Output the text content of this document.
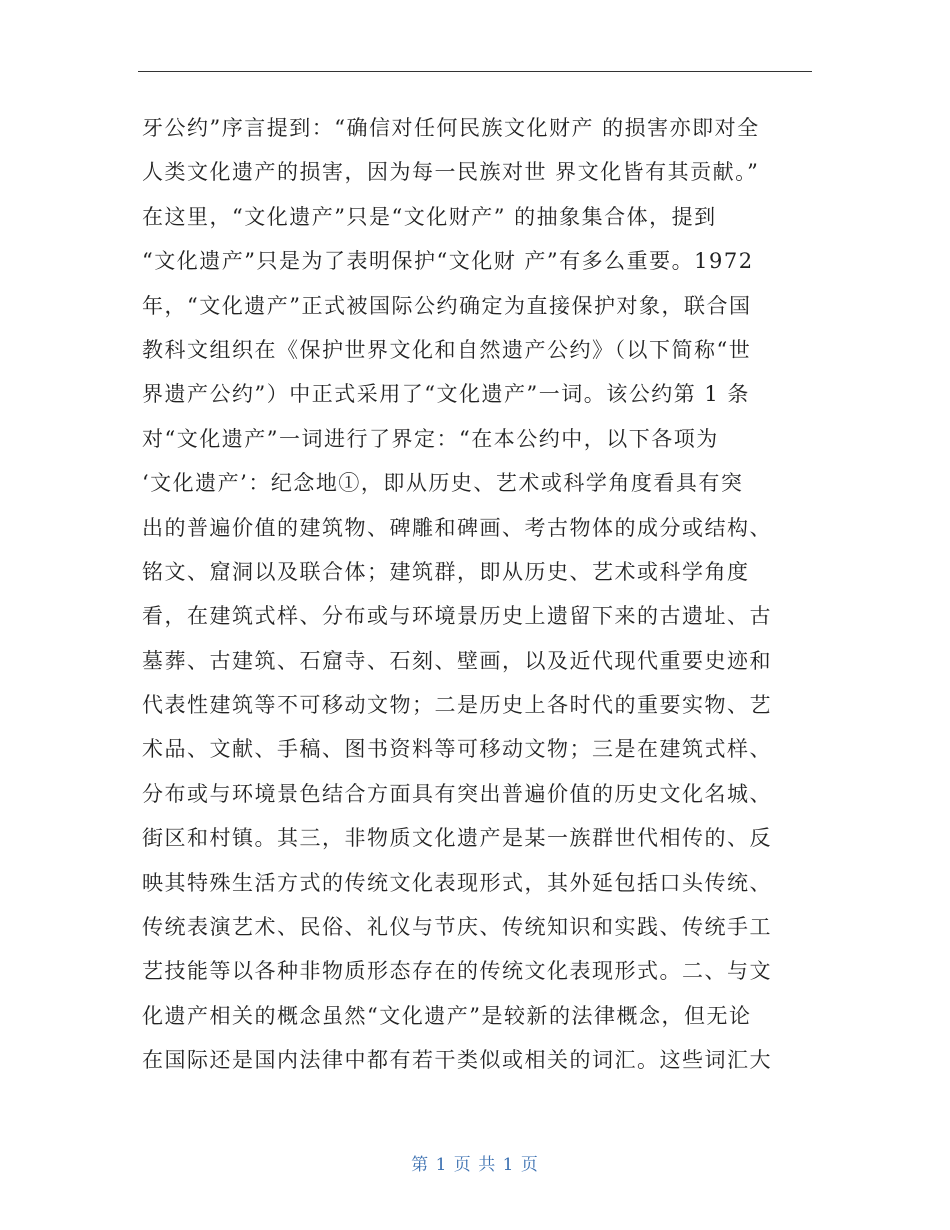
牙公约”序言提到：“确信对任何民族文化财产 的损害亦即对全
人类文化遗产的损害，因为每一民族对世 界文化皆有其贡献。”
在这里，“文化遗产”只是“文化财产” 的抽象集合体，提到
“文化遗产”只是为了表明保护“文化财 产”有多么重要。1972
年，“文化遗产”正式被国际公约确定为直接保护对象，联合国
教科文组织在《保护世界文化和自然遗产公约》（以下简称“世
界遗产公约”）中正式采用了“文化遗产”一词。该公约第 1 条
对“文化遗产”一词进行了界定：“在本公约中，以下各项为
‘文化遗产’：纪念地①，即从历史、艺术或科学角度看具有突
出的普遍价值的建筑物、碑雕和碑画、考古物体的成分或结构、
铭文、窟洞以及联合体；建筑群，即从历史、艺术或科学角度
看，在建筑式样、分布或与环境景历史上遗留下来的古遗址、古
墓葬、古建筑、石窟寺、石刻、壁画，以及近代现代重要史迹和
代表性建筑等不可移动文物；二是历史上各时代的重要实物、艺
术品、文献、手稿、图书资料等可移动文物；三是在建筑式样、
分布或与环境景色结合方面具有突出普遍价值的历史文化名城、
街区和村镇。其三，非物质文化遗产是某一族群世代相传的、反
映其特殊生活方式的传统文化表现形式，其外延包括口头传统、
传统表演艺术、民俗、礼仪与节庆、传统知识和实践、传统手工
艺技能等以各种非物质形态存在的传统文化表现形式。二、与文
化遗产相关的概念虽然“文化遗产”是较新的法律概念，但无论
在国际还是国内法律中都有若干类似或相关的词汇。这些词汇大
第 1 页 共 1 页
